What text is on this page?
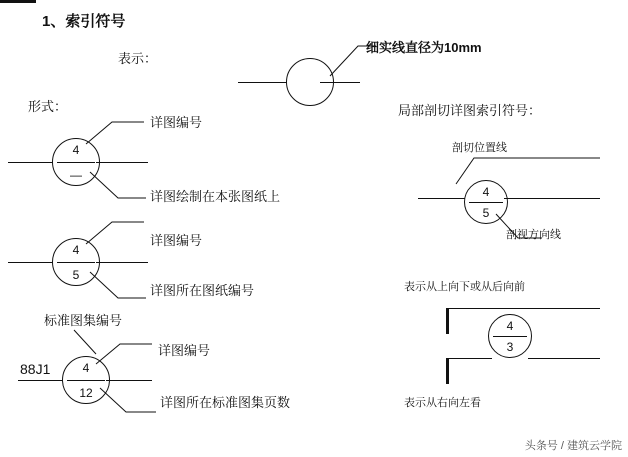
1、索引符号
表示：
细实线直径为10mm
形式：
4
—
详图编号
详图绘制在本张图纸上
4
5
详图编号
详图所在图纸编号
标准图集编号
88J1	4
12
详图编号
详图所在标准图集页数
局部剖切详图索引符号：
剖切位置线
4
5
剖视方向线
表示从上向下或从后向前
4
3
表示从右向左看
头条号 / 建筑云学院
